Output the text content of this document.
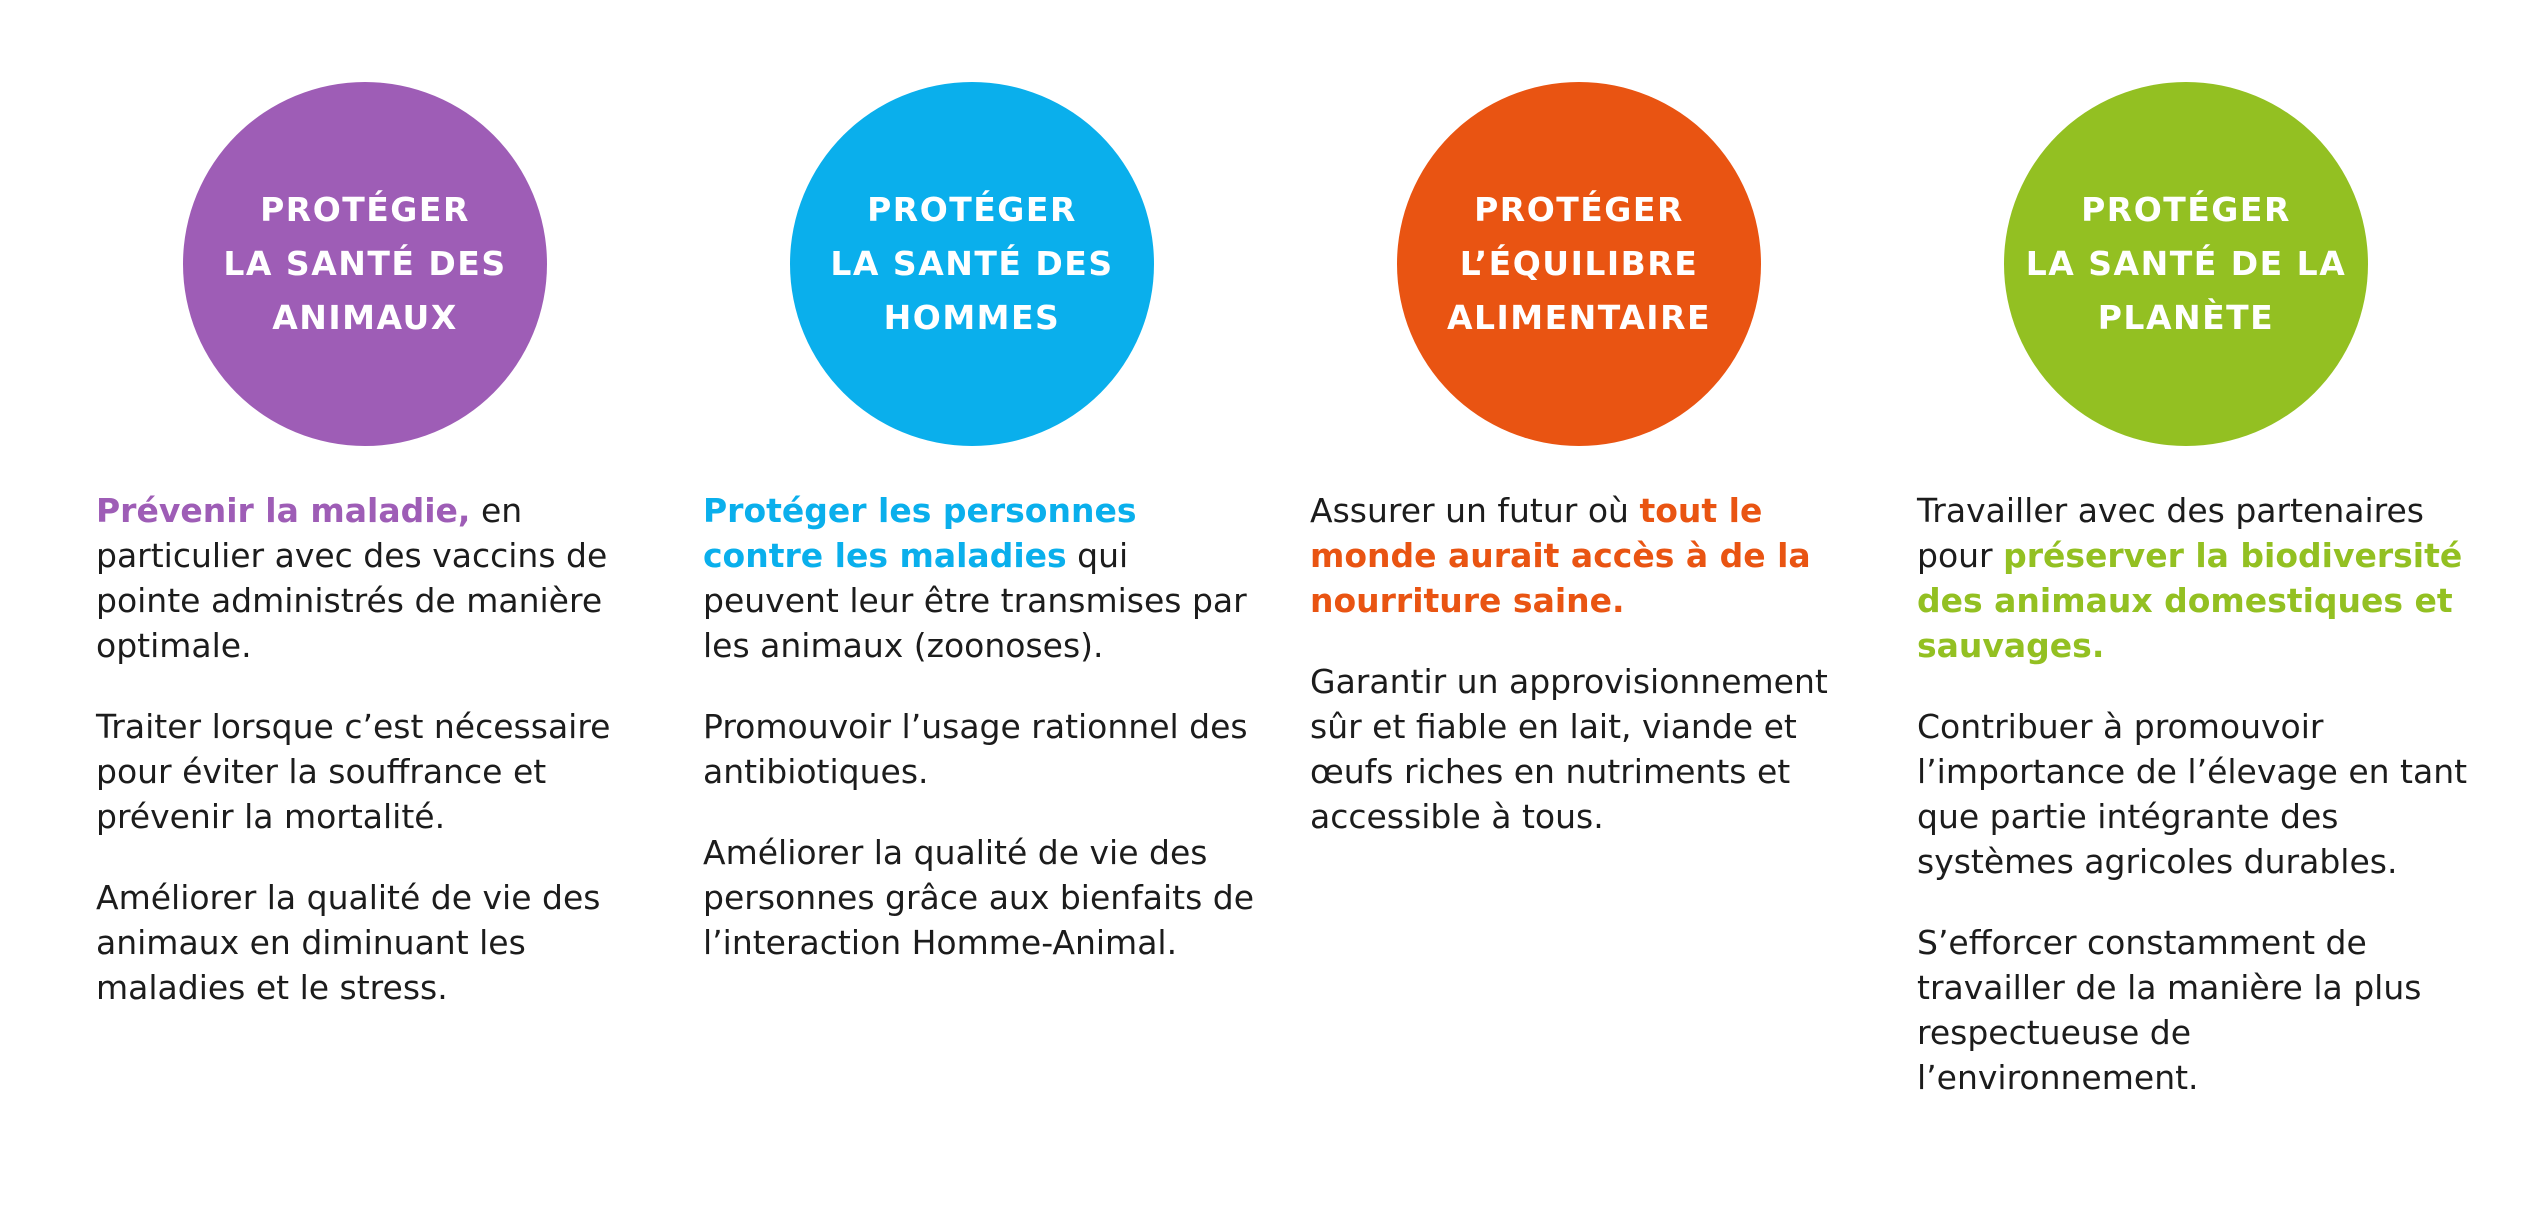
PROTÉGER
LA SANTÉ DES
ANIMAUX

Prévenir la maladie, en particulier avec des vaccins de pointe administrés de manière optimale.

Traiter lorsque c’est nécessaire pour éviter la souffrance et prévenir la mortalité.

Améliorer la qualité de vie des animaux en diminuant les maladies et le stress.

PROTÉGER
LA SANTÉ DES
HOMMES

Protéger les personnes contre les maladies qui peuvent leur être transmises par les animaux (zoonoses).

Promouvoir l’usage rationnel des antibiotiques.

Améliorer la qualité de vie des personnes grâce aux bienfaits de l’interaction Homme-Animal.

PROTÉGER
L’ÉQUILIBRE
ALIMENTAIRE

Assurer un futur où tout le monde aurait accès à de la nourriture saine.

Garantir un approvisionnement sûr et fiable en lait, viande et œufs riches en nutriments et accessible à tous.

PROTÉGER
LA SANTÉ DE LA
PLANÈTE

Travailler avec des partenaires pour préserver la biodiversité des animaux domestiques et sauvages.

Contribuer à promouvoir l’importance de l’élevage en tant que partie intégrante des systèmes agricoles durables.

S’efforcer constamment de travailler de la manière la plus respectueuse de l’environnement.
